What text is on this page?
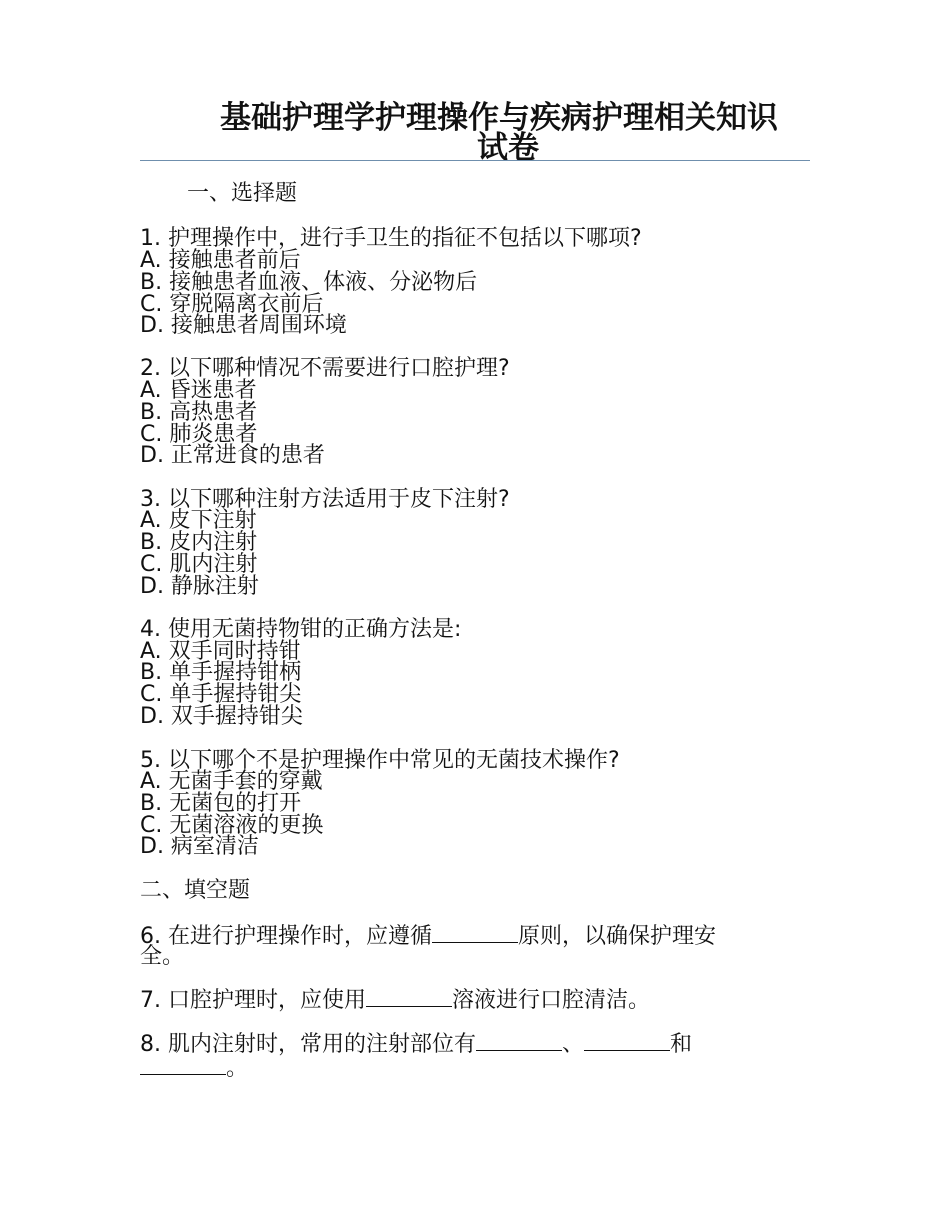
基础护理学护理操作与疾病护理相关知识
试卷
一、选择题
1. 护理操作中，进行手卫生的指征不包括以下哪项?
A. 接触患者前后
B. 接触患者血液、体液、分泌物后
C. 穿脱隔离衣前后
D. 接触患者周围环境
2. 以下哪种情况不需要进行口腔护理?
A. 昏迷患者
B. 高热患者
C. 肺炎患者
D. 正常进食的患者
3. 以下哪种注射方法适用于皮下注射?
A. 皮下注射
B. 皮内注射
C. 肌内注射
D. 静脉注射
4. 使用无菌持物钳的正确方法是:
A. 双手同时持钳
B. 单手握持钳柄
C. 单手握持钳尖
D. 双手握持钳尖
5. 以下哪个不是护理操作中常见的无菌技术操作?
A. 无菌手套的穿戴
B. 无菌包的打开
C. 无菌溶液的更换
D. 病室清洁
二、填空题
6. 在进行护理操作时，应遵循	原则，以确保护理安
全。
7. 口腔护理时，应使用	溶液进行口腔清洁。
8. 肌内注射时，常用的注射部位有	、	和
。
